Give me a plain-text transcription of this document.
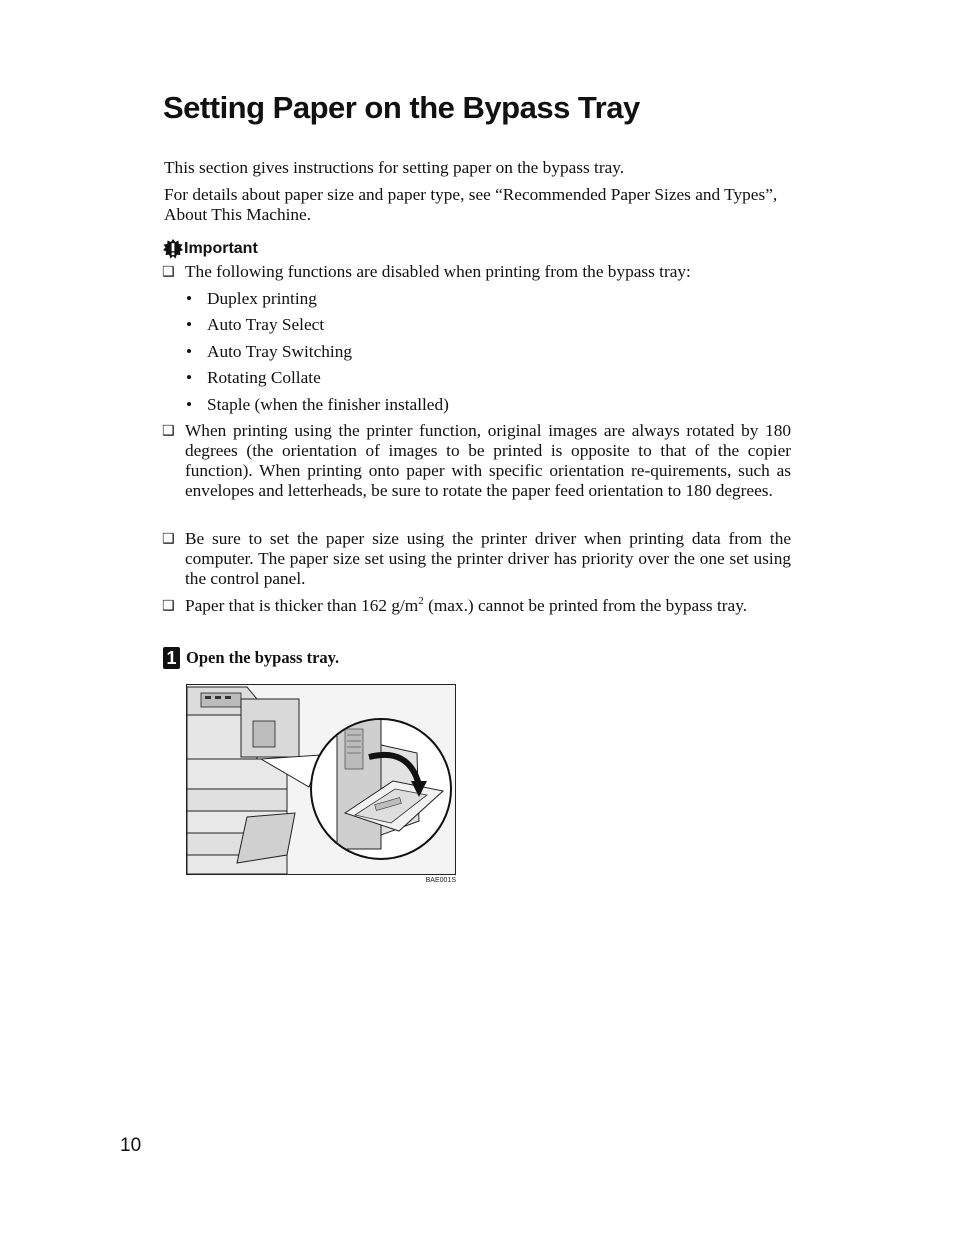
Setting Paper on the Bypass Tray

This section gives instructions for setting paper on the bypass tray.

For details about paper size and paper type, see “Recommended Paper Sizes and Types”, About This Machine.

Important
❑ The following functions are disabled when printing from the bypass tray:
• Duplex printing
• Auto Tray Select
• Auto Tray Switching
• Rotating Collate
• Staple (when the finisher installed)
❑ When printing using the printer function, original images are always rotated by 180 degrees (the orientation of images to be printed is opposite to that of the copier function). When printing onto paper with specific orientation re-quirements, such as envelopes and letterheads, be sure to rotate the paper feed orientation to 180 degrees.
❑ Be sure to set the paper size using the printer driver when printing data from the computer. The paper size set using the printer driver has priority over the one set using the control panel.
❑ Paper that is thicker than 162 $g/m^2$ (max.) cannot be printed from the bypass tray.
1 Open the bypass tray.
BAE001S
10
